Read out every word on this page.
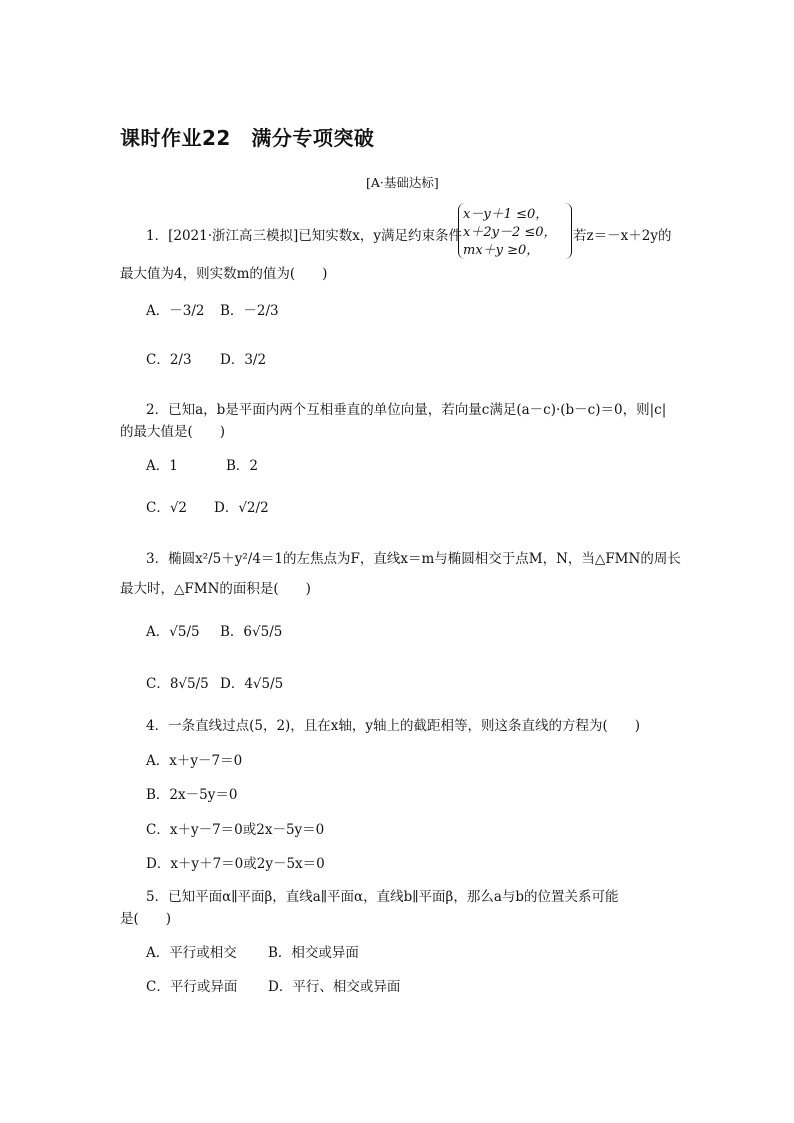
课时作业22　满分专项突破
[A·基础达标]
1．[2021·浙江高三模拟]已知实数x，y满足约束条件
x－y＋1 ≤0，
x＋2y－2 ≤0，
mx＋y ≥0，
若z＝－x＋2y的
最大值为4，则实数m的值为(　　)
A．－3/2 B．－2/3
C．2/3 D．3/2
2．已知a，b是平面内两个互相垂直的单位向量，若向量c满足(a－c)·(b－c)＝0，则|c|
的最大值是(　　)
A．1	B．2
C．√2 D．√2/2
3．椭圆x²/5＋y²/4＝1的左焦点为F，直线x＝m与椭圆相交于点M，N，当△FMN的周长
最大时，△FMN的面积是(　　)
A．√5/5 B．6√5/5
C．8√5/5 D．4√5/5
4．一条直线过点(5，2)，且在x轴，y轴上的截距相等，则这条直线的方程为(　　)
A．x＋y－7＝0
B．2x－5y＝0
C．x＋y－7＝0或2x－5y＝0
D．x＋y＋7＝0或2y－5x＝0
5．已知平面α∥平面β，直线a∥平面α，直线b∥平面β，那么a与b的位置关系可能
是(　　)
A．平行或相交 B．相交或异面
C．平行或异面 D．平行、相交或异面
